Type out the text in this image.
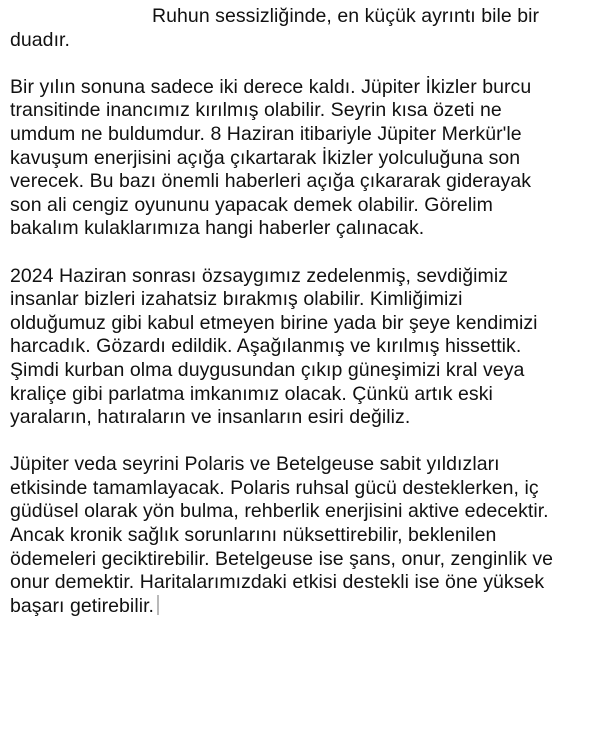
Ruhun sessizliğinde, en küçük ayrıntı bile bir
duadır.
Bir yılın sonuna sadece iki derece kaldı. Jüpiter İkizler burcu
transitinde inancımız kırılmış olabilir. Seyrin kısa özeti ne
umdum ne buldumdur. 8 Haziran itibariyle Jüpiter Merkür'le
kavuşum enerjisini açığa çıkartarak İkizler yolculuğuna son
verecek. Bu bazı önemli haberleri açığa çıkararak giderayak
son ali cengiz oyununu yapacak demek olabilir. Görelim
bakalım kulaklarımıza hangi haberler çalınacak.
2024 Haziran sonrası özsaygımız zedelenmiş, sevdiğimiz
insanlar bizleri izahatsiz bırakmış olabilir. Kimliğimizi
olduğumuz gibi kabul etmeyen birine yada bir şeye kendimizi
harcadık. Gözardı edildik. Aşağılanmış ve kırılmış hissettik.
Şimdi kurban olma duygusundan çıkıp güneşimizi kral veya
kraliçe gibi parlatma imkanımız olacak. Çünkü artık eski
yaraların, hatıraların ve insanların esiri değiliz.
Jüpiter veda seyrini Polaris ve Betelgeuse sabit yıldızları
etkisinde tamamlayacak. Polaris ruhsal gücü desteklerken, iç
güdüsel olarak yön bulma, rehberlik enerjisini aktive edecektir.
Ancak kronik sağlık sorunlarını nüksettirebilir, beklenilen
ödemeleri geciktirebilir. Betelgeuse ise şans, onur, zenginlik ve
onur demektir. Haritalarımızdaki etkisi destekli ise öne yüksek
başarı getirebilir.
